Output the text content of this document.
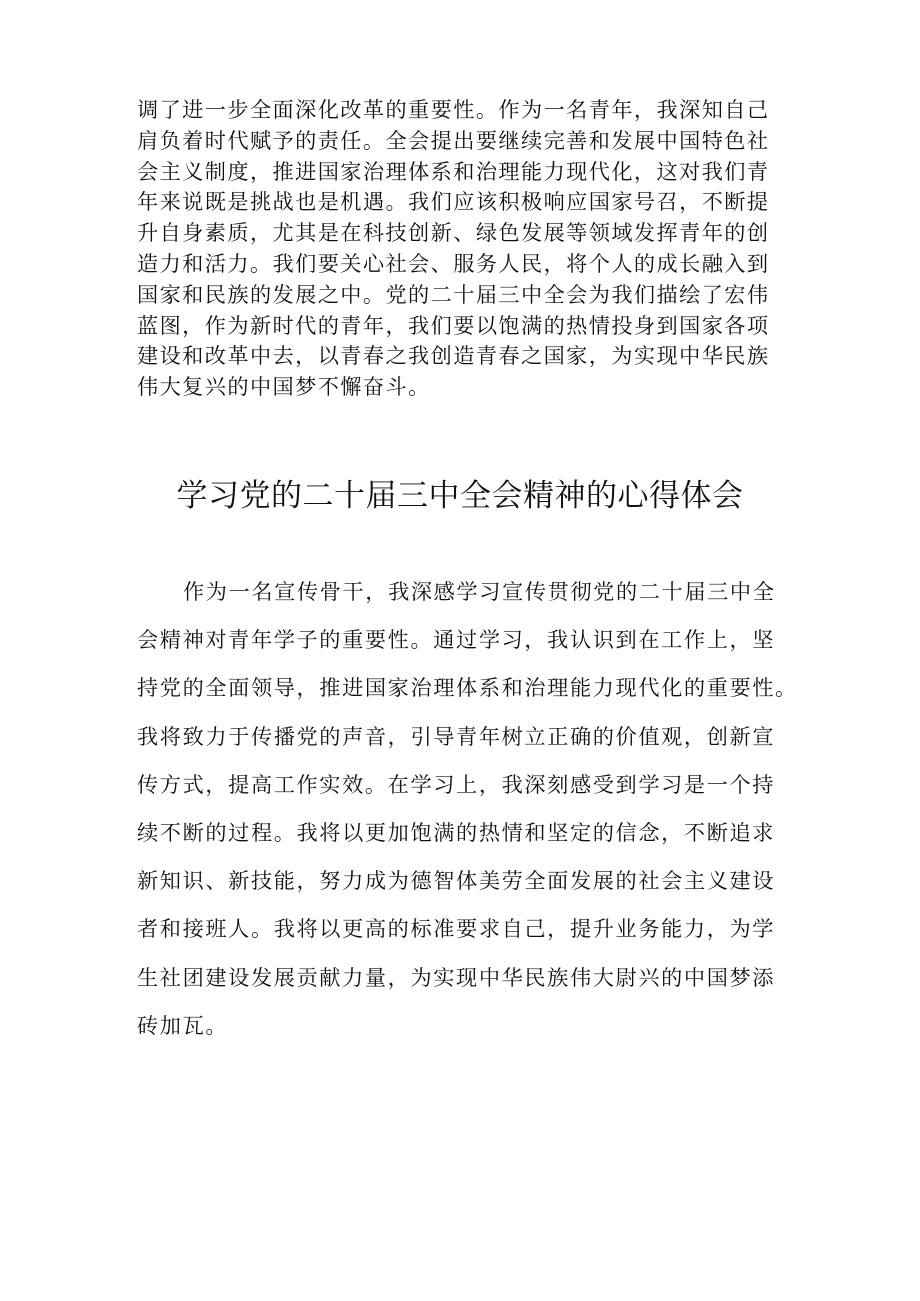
调了进一步全面深化改革的重要性。作为一名青年，我深知自己
肩负着时代赋予的责任。全会提出要继续完善和发展中国特色社
会主义制度，推进国家治理体系和治理能力现代化，这对我们青
年来说既是挑战也是机遇。我们应该积极响应国家号召，不断提
升自身素质，尤其是在科技创新、绿色发展等领域发挥青年的创
造力和活力。我们要关心社会、服务人民，将个人的成长融入到
国家和民族的发展之中。党的二十届三中全会为我们描绘了宏伟
蓝图，作为新时代的青年，我们要以饱满的热情投身到国家各项
建设和改革中去，以青春之我创造青春之国家，为实现中华民族
伟大复兴的中国梦不懈奋斗。
学习党的二十届三中全会精神的心得体会
作为一名宣传骨干，我深感学习宣传贯彻党的二十届三中全
会精神对青年学子的重要性。通过学习，我认识到在工作上，坚
持党的全面领导，推进国家治理体系和治理能力现代化的重要性。
我将致力于传播党的声音，引导青年树立正确的价值观，创新宣
传方式，提高工作实效。在学习上，我深刻感受到学习是一个持
续不断的过程。我将以更加饱满的热情和坚定的信念，不断追求
新知识、新技能，努力成为德智体美劳全面发展的社会主义建设
者和接班人。我将以更高的标准要求自己，提升业务能力，为学
生社团建设发展贡献力量，为实现中华民族伟大尉兴的中国梦添
砖加瓦。
